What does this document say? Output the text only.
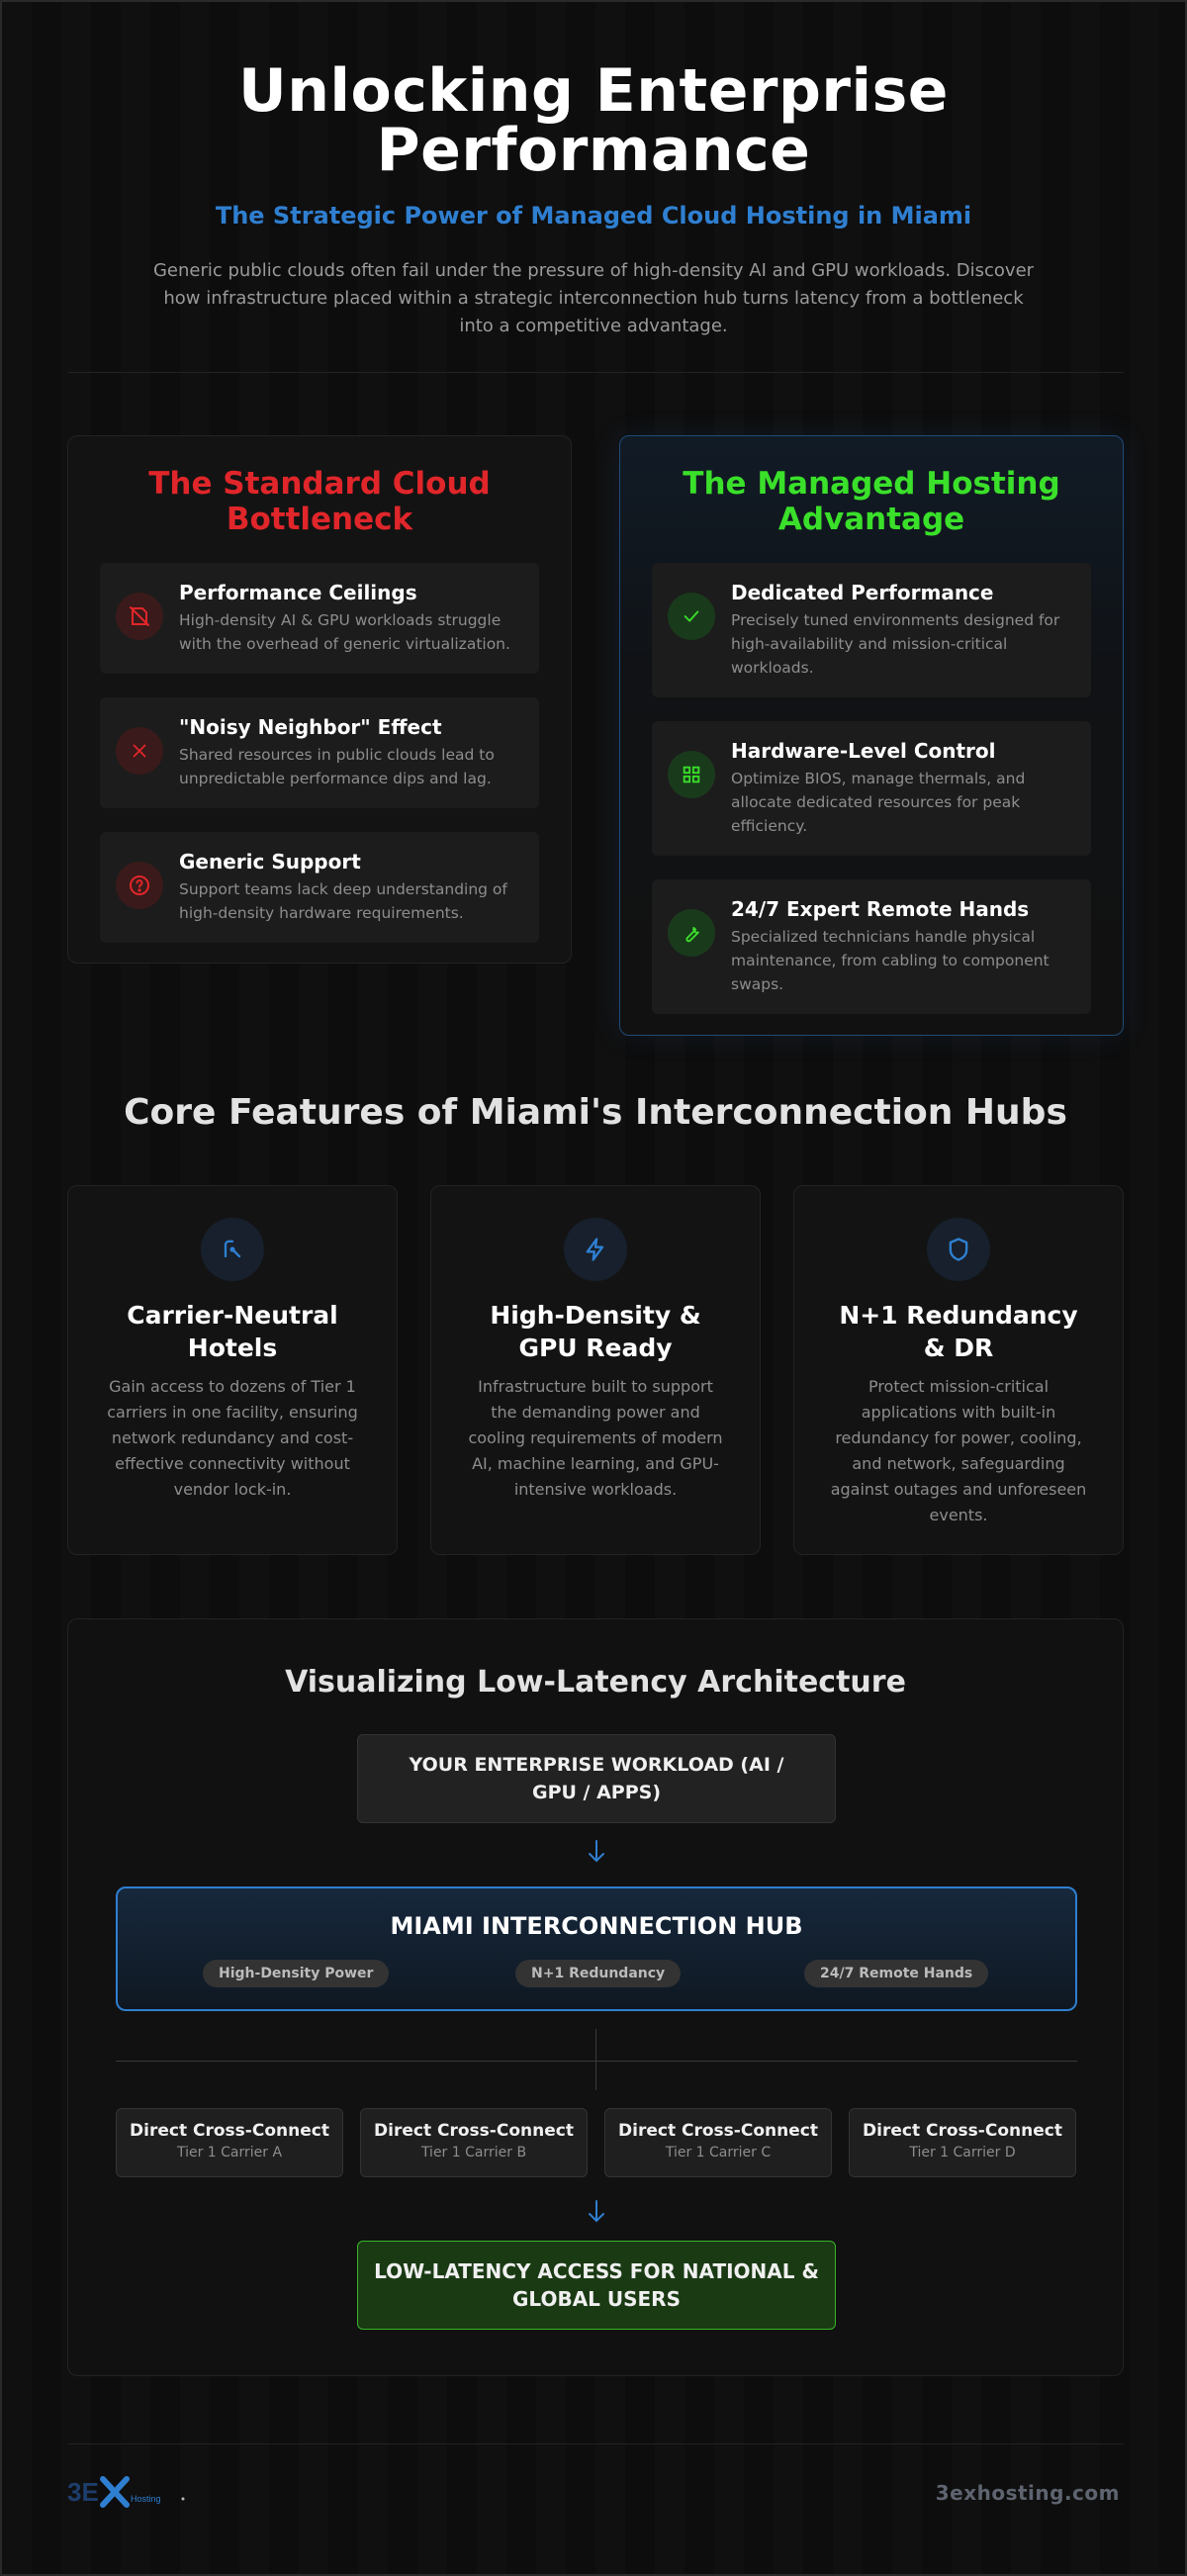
Unlocking Enterprise Performance
The Strategic Power of Managed Cloud Hosting in Miami

Generic public clouds often fail under the pressure of high-density AI and GPU workloads. Discover how infrastructure placed within a strategic interconnection hub turns latency from a bottleneck into a competitive advantage.

The Standard Cloud Bottleneck
Performance Ceilings

High-density AI & GPU workloads struggle with the overhead of generic virtualization.

"Noisy Neighbor" Effect

Shared resources in public clouds lead to unpredictable performance dips and lag.

Generic Support

Support teams lack deep understanding of high-density hardware requirements.

The Managed Hosting Advantage
Dedicated Performance

Precisely tuned environments designed for high-availability and mission-critical workloads.

Hardware-Level Control

Optimize BIOS, manage thermals, and allocate dedicated resources for peak efficiency.

24/7 Expert Remote Hands

Specialized technicians handle physical maintenance, from cabling to component swaps.

Core Features of Miami's Interconnection Hubs
Carrier-Neutral Hotels

Gain access to dozens of Tier 1 carriers in one facility, ensuring network redundancy and cost-effective connectivity without vendor lock-in.

High-Density & GPU Ready

Infrastructure built to support the demanding power and cooling requirements of modern AI, machine learning, and GPU-intensive workloads.

N+1 Redundancy & DR

Protect mission-critical applications with built-in redundancy for power, cooling, and network, safeguarding against outages and unforeseen events.

Visualizing Low-Latency Architecture
YOUR ENTERPRISE WORKLOAD (AI / GPU / APPS)
MIAMI INTERCONNECTION HUB
High-Density Power	N+1 Redundancy	24/7 Remote Hands
Direct Cross-Connect
Tier 1 Carrier A
Direct Cross-Connect
Tier 1 Carrier B
Direct Cross-Connect
Tier 1 Carrier C
Direct Cross-Connect
Tier 1 Carrier D
LOW-LATENCY ACCESS FOR NATIONAL & GLOBAL USERS
3E	Hosting	3exhosting.com
